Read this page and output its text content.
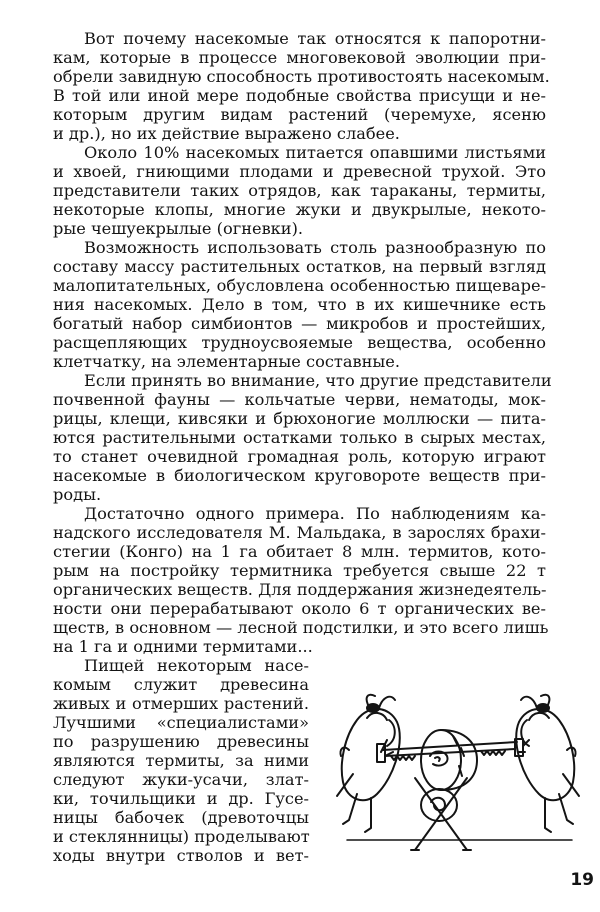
Вот почему насекомые так относятся к папоротни-
кам, которые в процессе многовековой эволюции при-
обрели завидную способность противостоять насекомым.
В той или иной мере подобные свойства присущи и не-
которым другим видам растений (черемухе, ясеню
и др.), но их действие выражено слабее.
Около 10% насекомых питается опавшими листьями
и хвоей, гниющими плодами и древесной трухой. Это
представители таких отрядов, как тараканы, термиты,
некоторые клопы, многие жуки и двукрылые, некото-
рые чешуекрылые (огневки).
Возможность использовать столь разнообразную по
составу массу растительных остатков, на первый взгляд
малопитательных, обусловлена особенностью пищеваре-
ния насекомых. Дело в том, что в их кишечнике есть
богатый набор симбионтов — микробов и простейших,
расщепляющих трудноусвояемые вещества, особенно
клетчатку, на элементарные составные.
Если принять во внимание, что другие представители
почвенной фауны — кольчатые черви, нематоды, мок-
рицы, клещи, кивсяки и брюхоногие моллюски — пита-
ются растительными остатками только в сырых местах,
то станет очевидной громадная роль, которую играют
насекомые в биологическом круговороте веществ при-
роды.
Достаточно одного примера. По наблюдениям ка-
надского исследователя М. Мальдака, в зарослях брахи-
стегии (Конго) на 1 га обитает 8 млн. термитов, кото-
рым на постройку термитника требуется свыше 22 т
органических веществ. Для поддержания жизнедеятель-
ности они перерабатывают около 6 т органических ве-
ществ, в основном — лесной подстилки, и это всего лишь
на 1 га и одними термитами...
Пищей некоторым насе-
комым служит древесина
живых и отмерших растений.
Лучшими «специалистами»
по разрушению древесины
являются термиты, за ними
следуют жуки-усачи, злат-
ки, точильщики и др. Гусе-
ницы бабочек (древоточцы
и стеклянницы) проделывают
ходы внутри стволов и вет-
19
